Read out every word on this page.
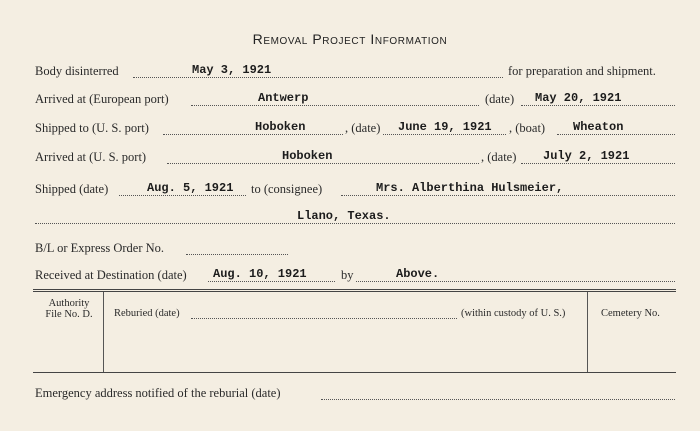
Removal Project Information
Body disinterred	May 3, 1921	for preparation and shipment.
Arrived at (European port)	Antwerp	(date) May 20, 1921
Shipped to (U. S. port)	Hoboken	, (date) June 19, 1921 , (boat) Wheaton
Arrived at (U. S. port)	Hoboken	, (date) July 2, 1921
Shipped (date)	Aug. 5, 1921 to (consignee)	Mrs. Alberthina Hulsmeier,
Llano, Texas.
B/L or Express Order No.
Received at Destination (date) Aug. 10, 1921	by	Above.
Authority
File No. D.	Reburied (date)	(within custody of U. S.)	Cemetery No.
Emergency address notified of the reburial (date)
